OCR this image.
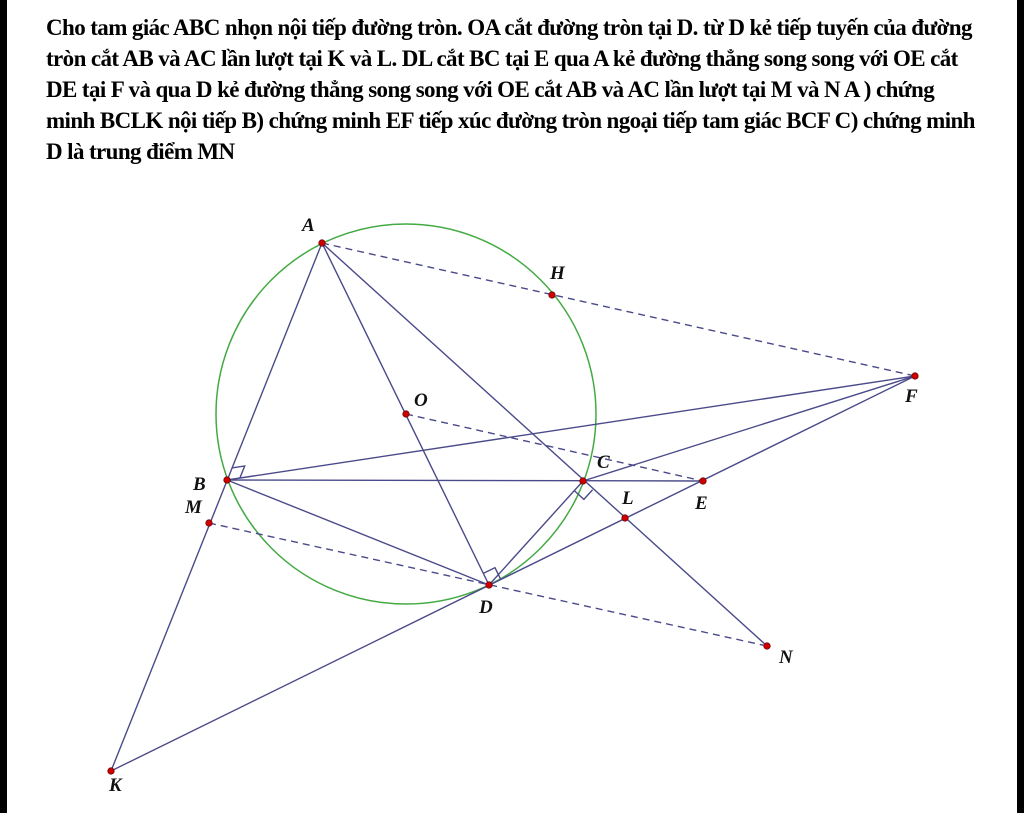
Cho tam giác ABC nhọn nội tiếp đường tròn. OA cắt đường tròn tại D. từ D kẻ tiếp tuyến của đường tròn cắt AB và AC lần lượt tại K và L. DL cắt BC tại E qua A kẻ đường thẳng song song với OE cắt DE tại F và qua D kẻ đường thẳng song song với OE cắt AB và AC lần lượt tại M và N A ) chứng minh BCLK nội tiếp B) chứng minh EF tiếp xúc đường tròn ngoại tiếp tam giác BCF C) chứng minh D là trung điểm MN

A
H
O	F
B
M
C
L	E
D
N
K
